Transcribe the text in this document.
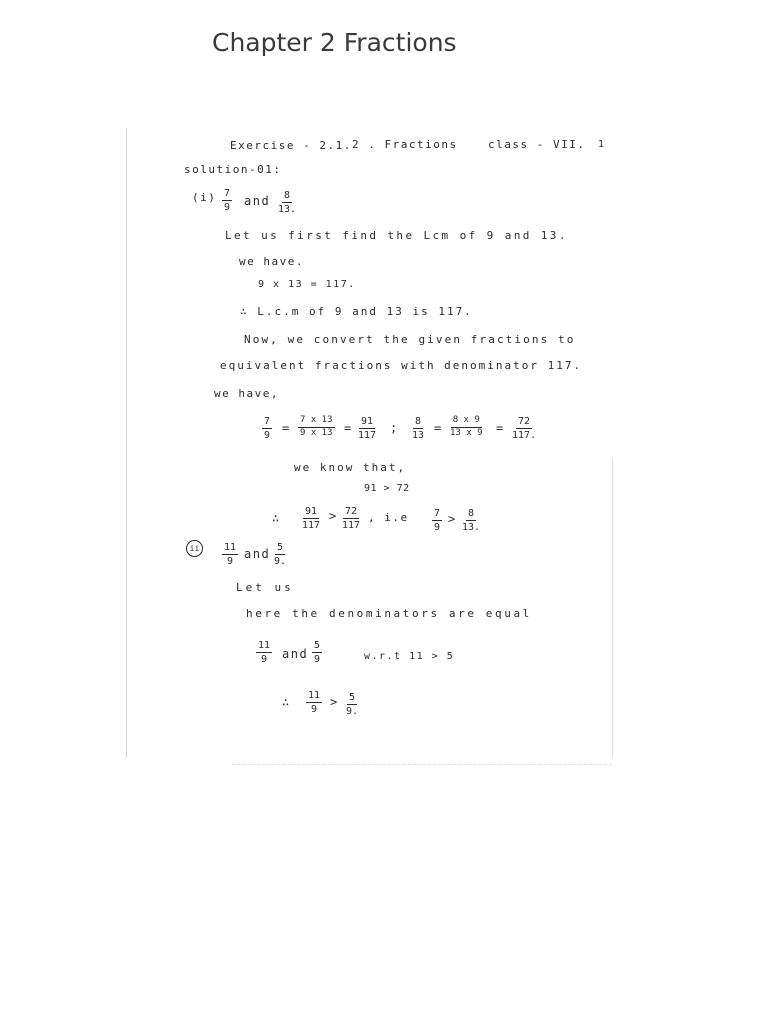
Chapter 2 Fractions
Exercise - 2.1. 2 . Fractions	class - VII. 1
solution-01:
$(i) \frac{7}{9}$ and $\frac{8}{13.}$
Let us first find the Lcm of 9 and 13.
we have.
9 x 13 = 117.
∴ L.c.m of 9 and 13 is 117.
Now, we convert the given fractions to
equivalent fractions with denominator 117.
we have,
$\frac{7}{9} = \frac{7 x 13}{9 x 13} = \frac{91}{117}$ ; $\frac{8}{13} = \frac{8 x 9}{13 x 9} = \frac{72}{117.}$
we know that,
91 > 72
∴ $\frac{91}{117} > \frac{72}{117}$ , $i.e \frac{7}{9} > \frac{8}{13.}$
ii	$\frac{11}{9}$ and $\frac{5}{9.}$
Let us
here the denominators are equal
$\frac{11}{9}$ and $\frac{5}{9}$	w.r.t 11 > 5
∴ $\frac{11}{9} > \frac{5}{9.}$
